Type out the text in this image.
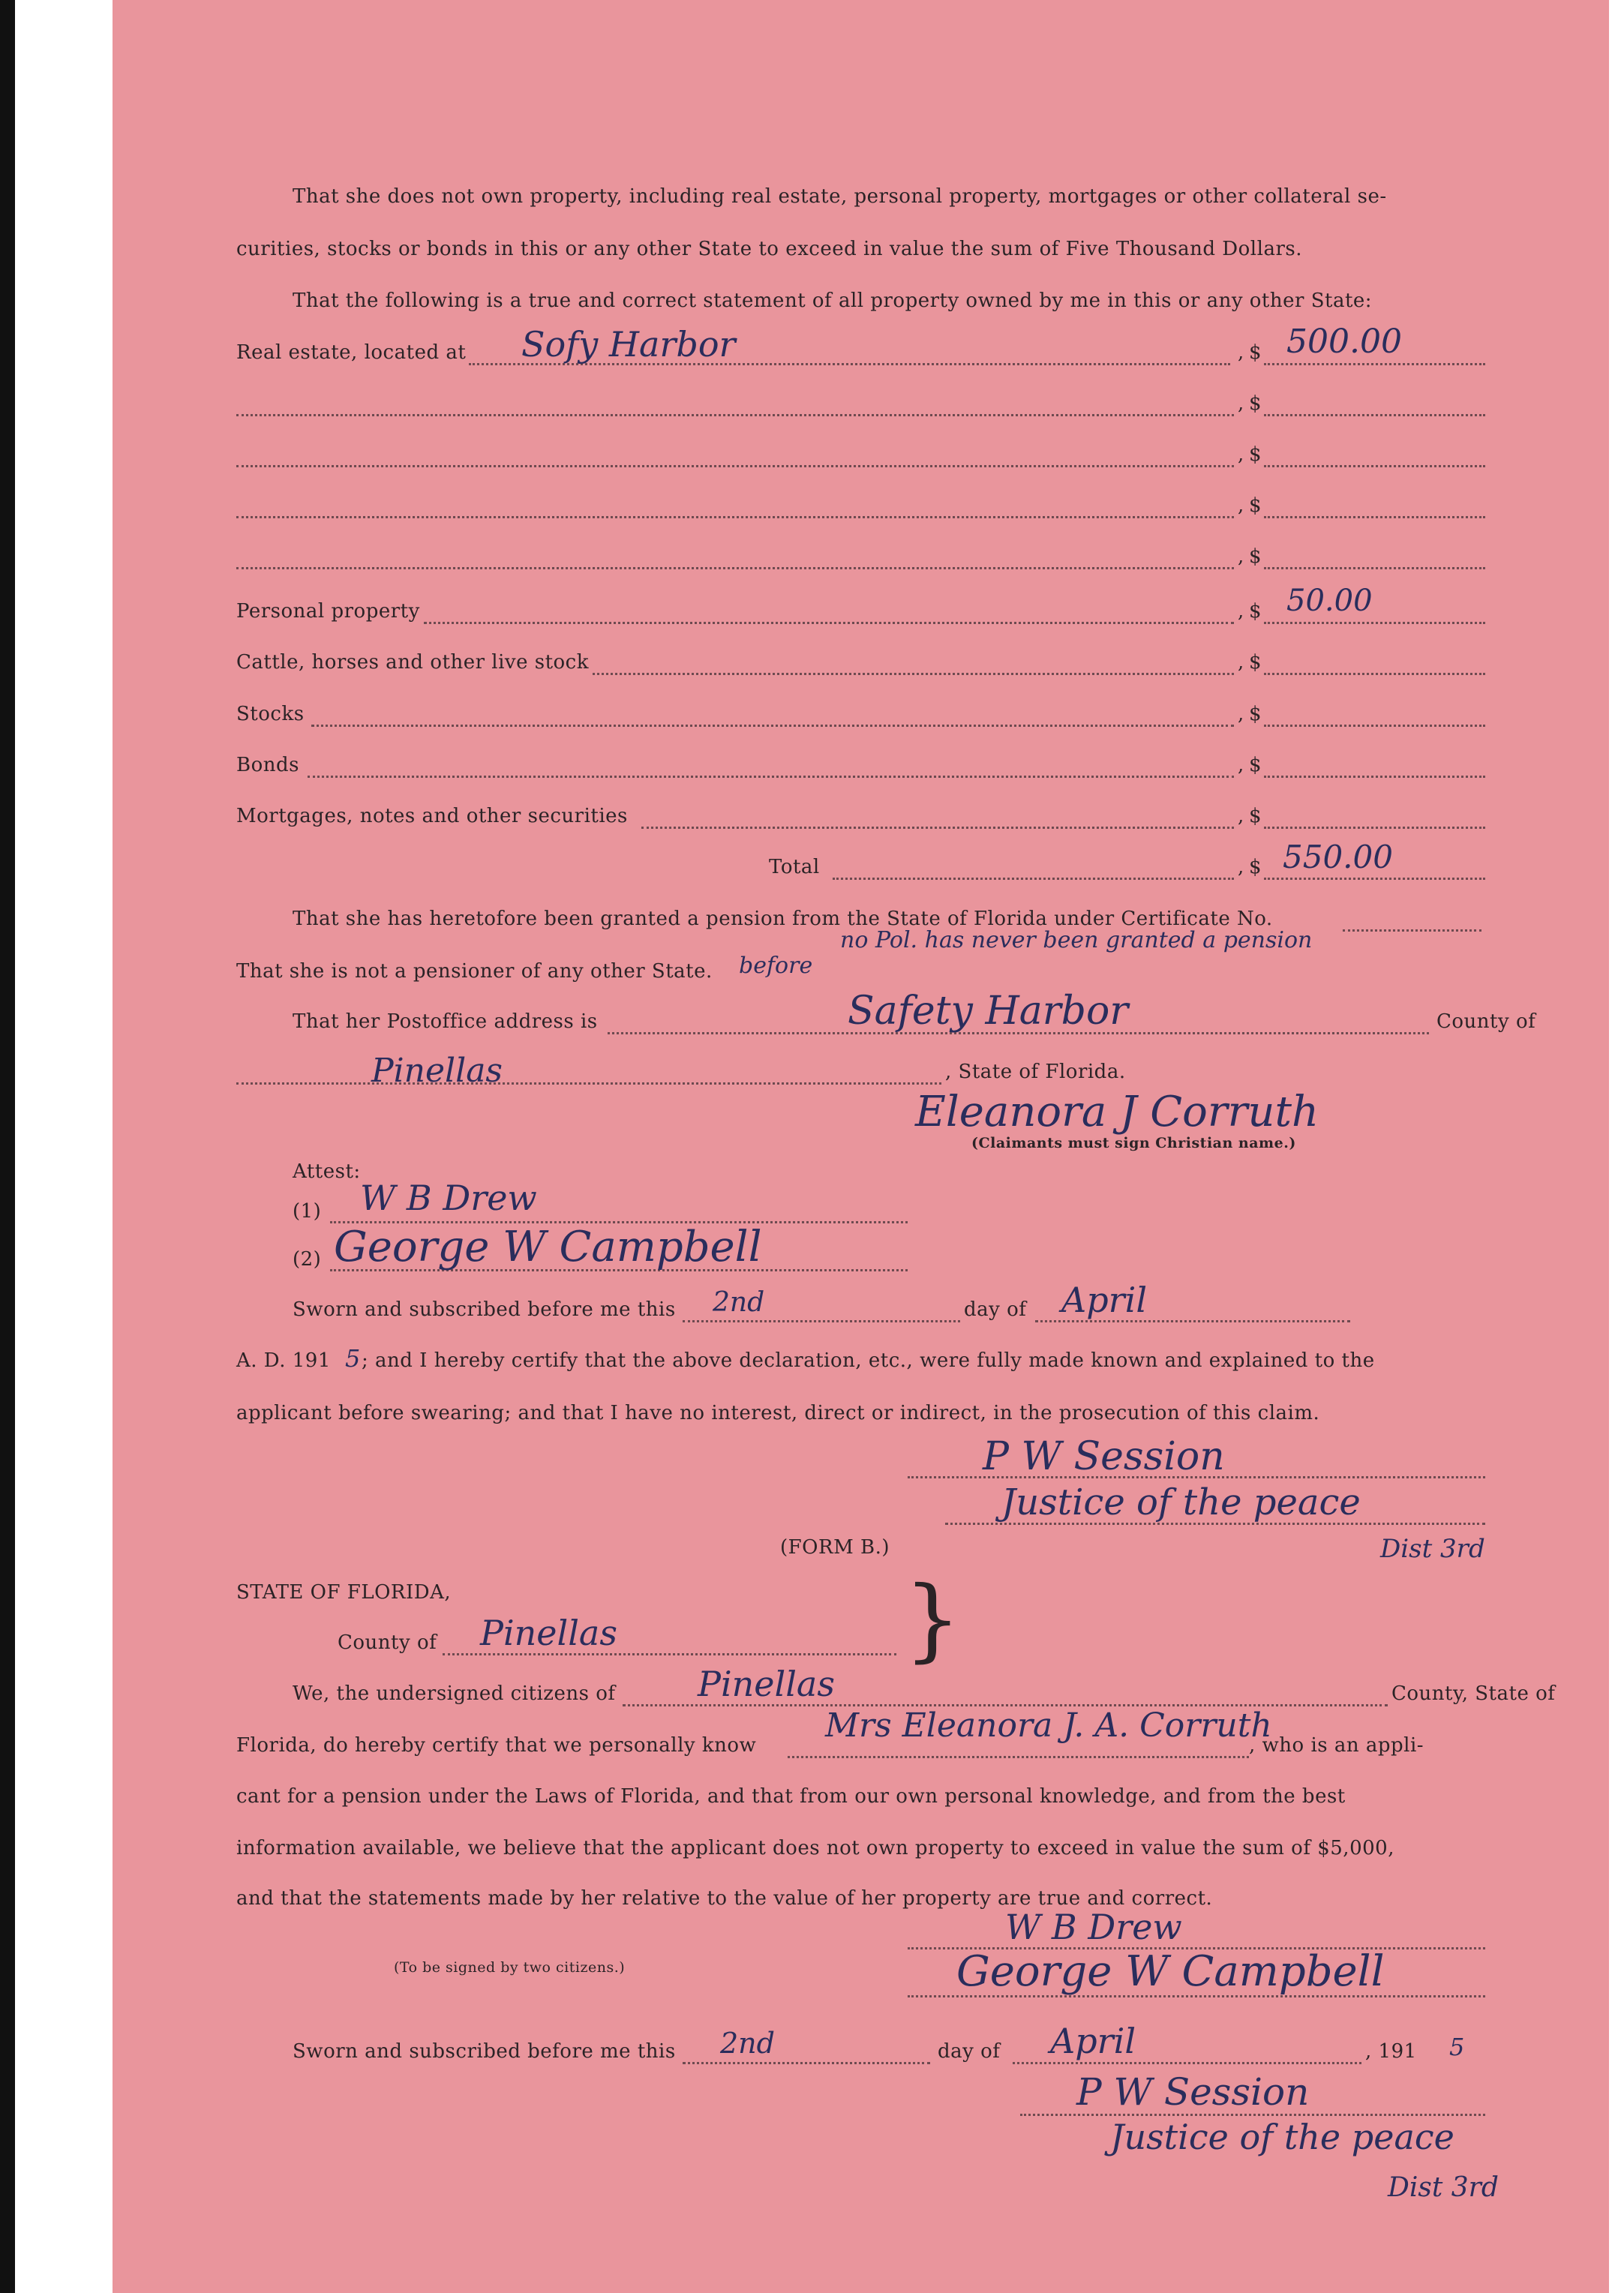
That she does not own property, including real estate, personal property, mortgages or other collateral se-
curities, stocks or bonds in this or any other State to exceed in value the sum of Five Thousand Dollars.
That the following is a true and correct statement of all property owned by me in this or any other State:
Real estate, located at Sofy Harbor	, $ 500.00
, $
, $
, $
, $
Personal property	, $ 50.00
Cattle, horses and other live stock	, $
Stocks	, $
Bonds	, $
Mortgages, notes and other securities	, $
Total	, $ 550.00
That she has heretofore been granted a pension from the State of Florida under Certificate No.
no Pol. has never been granted a pension
That she is not a pensioner of any other State. before
That her Postoffice address is	Safety Harbor	County of
Pinellas	, State of Florida.
Eleanora J Corruth
(Claimants must sign Christian name.)
Attest:
(1) W B Drew
(2) George W Campbell
Sworn and subscribed before me this 2nd	day of April
A. D. 191 5 ; and I hereby certify that the above declaration, etc., were fully made known and explained to the
applicant before swearing; and that I have no interest, direct or indirect, in the prosecution of this claim.
P W Session
Justice of the peace
Dist 3rd
(FORM B.)
STATE OF FLORIDA,
County of Pinellas	}
We, the undersigned citizens of Pinellas	County, State of
Florida, do hereby certify that we personally know
Mrs Eleanora J. A. Corruth
, who is an appli-
cant for a pension under the Laws of Florida, and that from our own personal knowledge, and from the best
information available, we believe that the applicant does not own property to exceed in value the sum of $5,000,
and that the statements made by her relative to the value of her property are true and correct.
W B Drew
(To be signed by two citizens.)	George W Campbell
Sworn and subscribed before me this 2nd	day of April	, 191 5
P W Session
Justice of the peace
Dist 3rd
